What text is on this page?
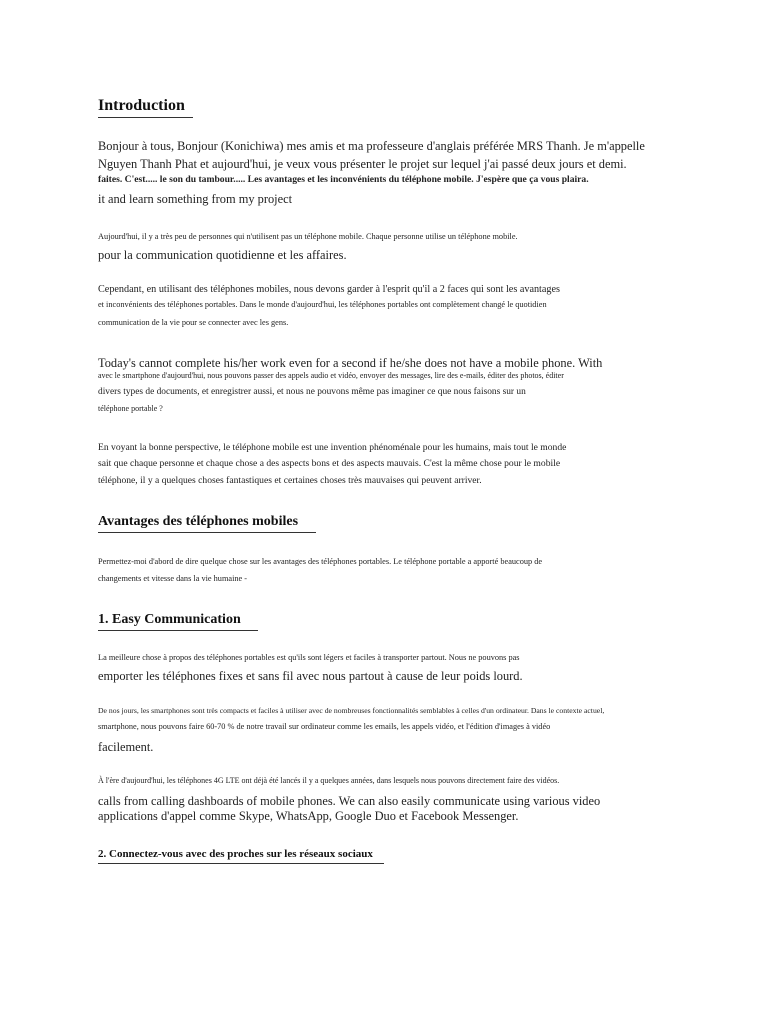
Introduction
Bonjour à tous, Bonjour (Konichiwa) mes amis et ma professeure d'anglais préférée MRS Thanh. Je m'appelle
Nguyen Thanh Phat et aujourd'hui, je veux vous présenter le projet sur lequel j'ai passé deux jours et demi.
faites. C'est..... le son du tambour..... Les avantages et les inconvénients du téléphone mobile. J'espère que ça vous plaira.
it and learn something from my project
Aujourd'hui, il y a très peu de personnes qui n'utilisent pas un téléphone mobile. Chaque personne utilise un téléphone mobile.
pour la communication quotidienne et les affaires.
Cependant, en utilisant des téléphones mobiles, nous devons garder à l'esprit qu'il a 2 faces qui sont les avantages
et inconvénients des téléphones portables. Dans le monde d'aujourd'hui, les téléphones portables ont complètement changé le quotidien
communication de la vie pour se connecter avec les gens.
Today's cannot complete his/her work even for a second if he/she does not have a mobile phone. With
avec le smartphone d'aujourd'hui, nous pouvons passer des appels audio et vidéo, envoyer des messages, lire des e-mails, éditer des photos, éditer
divers types de documents, et enregistrer aussi, et nous ne pouvons même pas imaginer ce que nous faisons sur un
téléphone portable ?
En voyant la bonne perspective, le téléphone mobile est une invention phénoménale pour les humains, mais tout le monde
sait que chaque personne et chaque chose a des aspects bons et des aspects mauvais. C'est la même chose pour le mobile
téléphone, il y a quelques choses fantastiques et certaines choses très mauvaises qui peuvent arriver.
Avantages des téléphones mobiles
Permettez-moi d'abord de dire quelque chose sur les avantages des téléphones portables. Le téléphone portable a apporté beaucoup de
changements et vitesse dans la vie humaine -
1. Easy Communication
La meilleure chose à propos des téléphones portables est qu'ils sont légers et faciles à transporter partout. Nous ne pouvons pas
emporter les téléphones fixes et sans fil avec nous partout à cause de leur poids lourd.
De nos jours, les smartphones sont très compacts et faciles à utiliser avec de nombreuses fonctionnalités semblables à celles d'un ordinateur. Dans le contexte actuel,
smartphone, nous pouvons faire 60-70 % de notre travail sur ordinateur comme les emails, les appels vidéo, et l'édition d'images à vidéo
facilement.
À l'ère d'aujourd'hui, les téléphones 4G LTE ont déjà été lancés il y a quelques années, dans lesquels nous pouvons directement faire des vidéos.
calls from calling dashboards of mobile phones. We can also easily communicate using various video
applications d'appel comme Skype, WhatsApp, Google Duo et Facebook Messenger.
2. Connectez-vous avec des proches sur les réseaux sociaux
